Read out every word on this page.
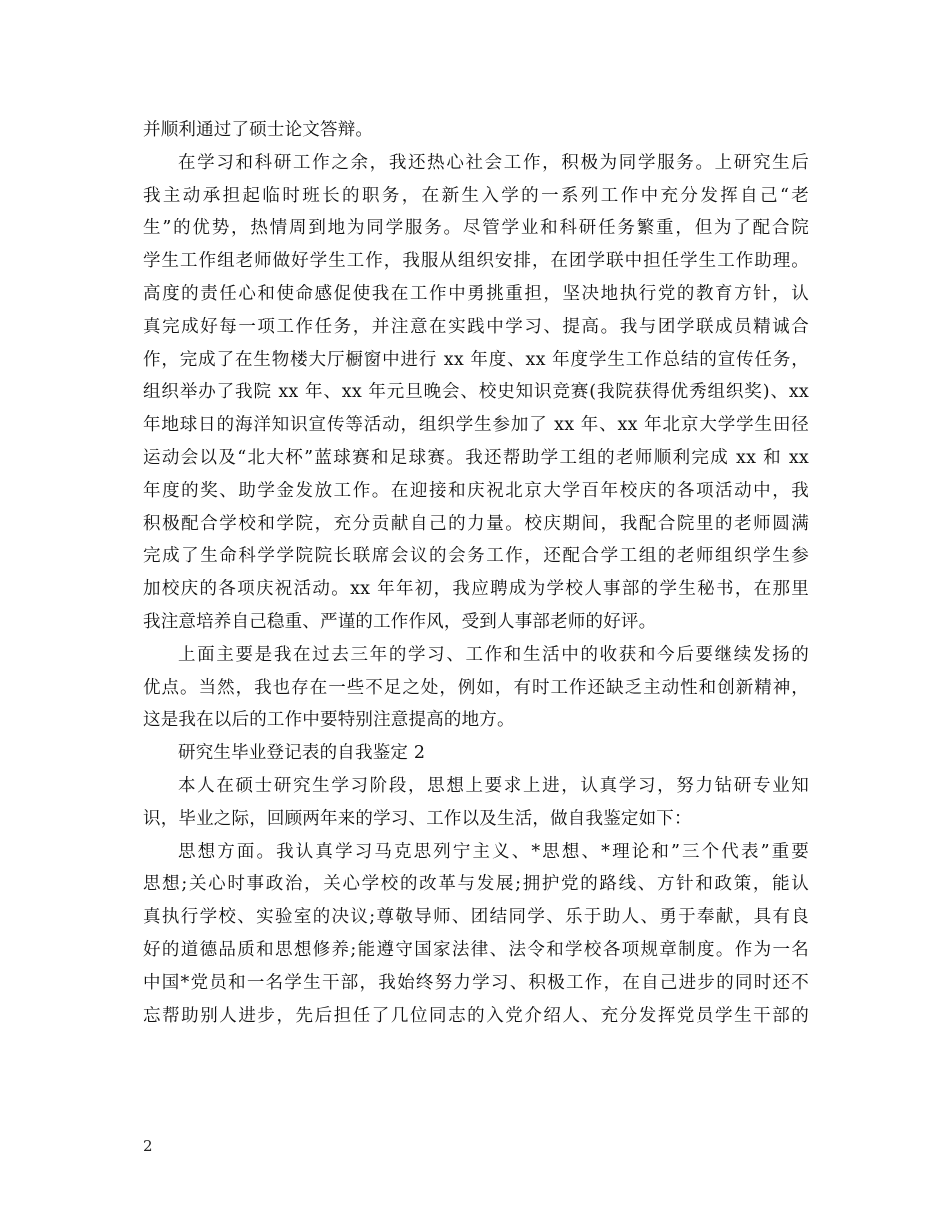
并顺利通过了硕士论文答辩。
在学习和科研工作之余，我还热心社会工作，积极为同学服务。上研究生后
我主动承担起临时班长的职务，在新生入学的一系列工作中充分发挥自己“老
生”的优势，热情周到地为同学服务。尽管学业和科研任务繁重，但为了配合院
学生工作组老师做好学生工作，我服从组织安排，在团学联中担任学生工作助理。
高度的责任心和使命感促使我在工作中勇挑重担，坚决地执行党的教育方针，认
真完成好每一项工作任务，并注意在实践中学习、提高。我与团学联成员精诚合
作，完成了在生物楼大厅橱窗中进行 xx 年度、xx 年度学生工作总结的宣传任务，
组织举办了我院 xx 年、xx 年元旦晚会、校史知识竞赛(我院获得优秀组织奖)、xx
年地球日的海洋知识宣传等活动，组织学生参加了 xx 年、xx 年北京大学学生田径
运动会以及“北大杯”蓝球赛和足球赛。我还帮助学工组的老师顺利完成 xx 和 xx
年度的奖、助学金发放工作。在迎接和庆祝北京大学百年校庆的各项活动中，我
积极配合学校和学院，充分贡献自己的力量。校庆期间，我配合院里的老师圆满
完成了生命科学学院院长联席会议的会务工作，还配合学工组的老师组织学生参
加校庆的各项庆祝活动。xx 年年初，我应聘成为学校人事部的学生秘书，在那里
我注意培养自己稳重、严谨的工作作风，受到人事部老师的好评。
上面主要是我在过去三年的学习、工作和生活中的收获和今后要继续发扬的
优点。当然，我也存在一些不足之处，例如，有时工作还缺乏主动性和创新精神，
这是我在以后的工作中要特别注意提高的地方。
研究生毕业登记表的自我鉴定 2
本人在硕士研究生学习阶段，思想上要求上进，认真学习，努力钻研专业知
识，毕业之际，回顾两年来的学习、工作以及生活，做自我鉴定如下：
思想方面。我认真学习马克思列宁主义、*思想、*理论和”三个代表”重要
思想;关心时事政治，关心学校的改革与发展;拥护党的路线、方针和政策，能认
真执行学校、实验室的决议;尊敬导师、团结同学、乐于助人、勇于奉献，具有良
好的道德品质和思想修养;能遵守国家法律、法令和学校各项规章制度。作为一名
中国*党员和一名学生干部，我始终努力学习、积极工作，在自己进步的同时还不
忘帮助别人进步，先后担任了几位同志的入党介绍人、充分发挥党员学生干部的
2
